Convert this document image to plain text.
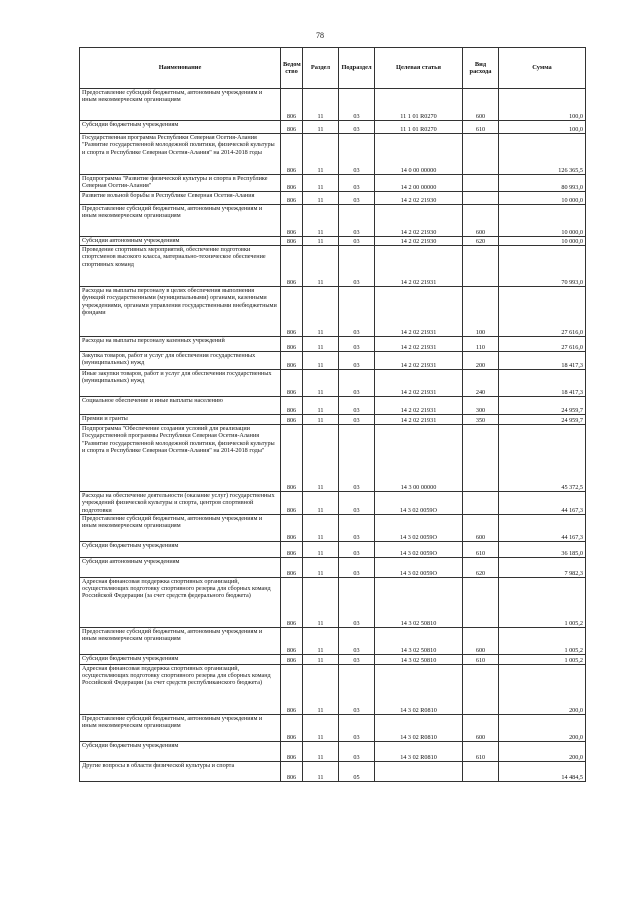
78
Наименование	Ведом ство	Раздел	Подраздел	Целевая статья	Вид расхода	Сумма
Предоставление субсидий бюджетным, автономным учреждениям и иным некоммерческим организациям	806	11	03	11 1 01 R0270	600	100,0
Субсидии бюджетным учреждениям	806	11	03	11 1 01 R0270	610	100,0
Государственная программа Республики Северная Осетия-Алания "Развитие государственной молодежной политики, физической культуры и спорта в Республике Северная Осетия-Алания" на 2014-2018 годы	806	11	03	14 0 00 00000		126 365,5
Подпрограмма "Развитие физической культуры и спорта в Республике Северная Осетия-Алания"	806	11	03	14 2 00 00000		80 993,0
Развитие вольной борьбы в Республике Северная Осетия-Алания	806	11	03	14 2 02 21930		10 000,0
Предоставление субсидий бюджетным, автономным учреждениям и иным некоммерческим организациям	806	11	03	14 2 02 21930	600	10 000,0
Субсидии автономным учреждениям	806	11	03	14 2 02 21930	620	10 000,0
Проведение спортивных мероприятий, обеспечение подготовки спортсменов высокого класса, материально-техническое обеспечение спортивных команд	806	11	03	14 2 02 21931		70 993,0
Расходы на выплаты персоналу в целях обеспечения выполнения функций государственными (муниципальными) органами, казенными учреждениями, органами управления государственными внебюджетными фондами	806	11	03	14 2 02 21931	100	27 616,0
Расходы на выплаты персоналу казенных учреждений	806	11	03	14 2 02 21931	110	27 616,0
Закупка товаров, работ и услуг для обеспечения государственных (муниципальных) нужд	806	11	03	14 2 02 21931	200	18 417,3
Иные закупки товаров, работ и услуг для обеспечения государственных (муниципальных) нужд	806	11	03	14 2 02 21931	240	18 417,3
Социальное обеспечение и иные выплаты населению	806	11	03	14 2 02 21931	300	24 959,7
Премии и гранты	806	11	03	14 2 02 21931	350	24 959,7
Подпрограмма "Обеспечение создания условий для реализации Государственной программы Республики Северная Осетия-Алания "Развитие государственной молодежной политики, физической культуры и спорта в Республике Северная Осетия-Алания" на 2014-2018 годы"	806	11	03	14 3 00 00000		45 372,5
Расходы на обеспечение деятельности (оказание услуг) государственных учреждений физической культуры и спорта, центров спортивной подготовки	806	11	03	14 3 02 0059O		44 167,3
Предоставление субсидий бюджетным, автономным учреждениям и иным некоммерческим организациям	806	11	03	14 3 02 0059O	600	44 167,3
Субсидии бюджетным учреждениям	806	11	03	14 3 02 0059O	610	36 185,0
Субсидии автономным учреждениям	806	11	03	14 3 02 0059O	620	7 982,3
Адресная финансовая поддержка спортивных организаций, осуществляющих подготовку спортивного резерва для сборных команд Российской Федерации (за счет средств федерального бюджета)	806	11	03	14 3 02 50810		1 005,2
Предоставление субсидий бюджетным, автономным учреждениям и иным некоммерческим организациям	806	11	03	14 3 02 50810	600	1 005,2
Субсидии бюджетным учреждениям	806	11	03	14 3 02 50810	610	1 005,2
Адресная финансовая поддержка спортивных организаций, осуществляющих подготовку спортивного резерва для сборных команд Российской Федерации (за счет средств республиканского бюджета)	806	11	03	14 3 02 R0810		200,0
Предоставление субсидий бюджетным, автономным учреждениям и иным некоммерческим организациям	806	11	03	14 3 02 R0810	600	200,0
Субсидии бюджетным учреждениям	806	11	03	14 3 02 R0810	610	200,0
Другие вопросы в области физической культуры и спорта	806	11	05			14 484,5
